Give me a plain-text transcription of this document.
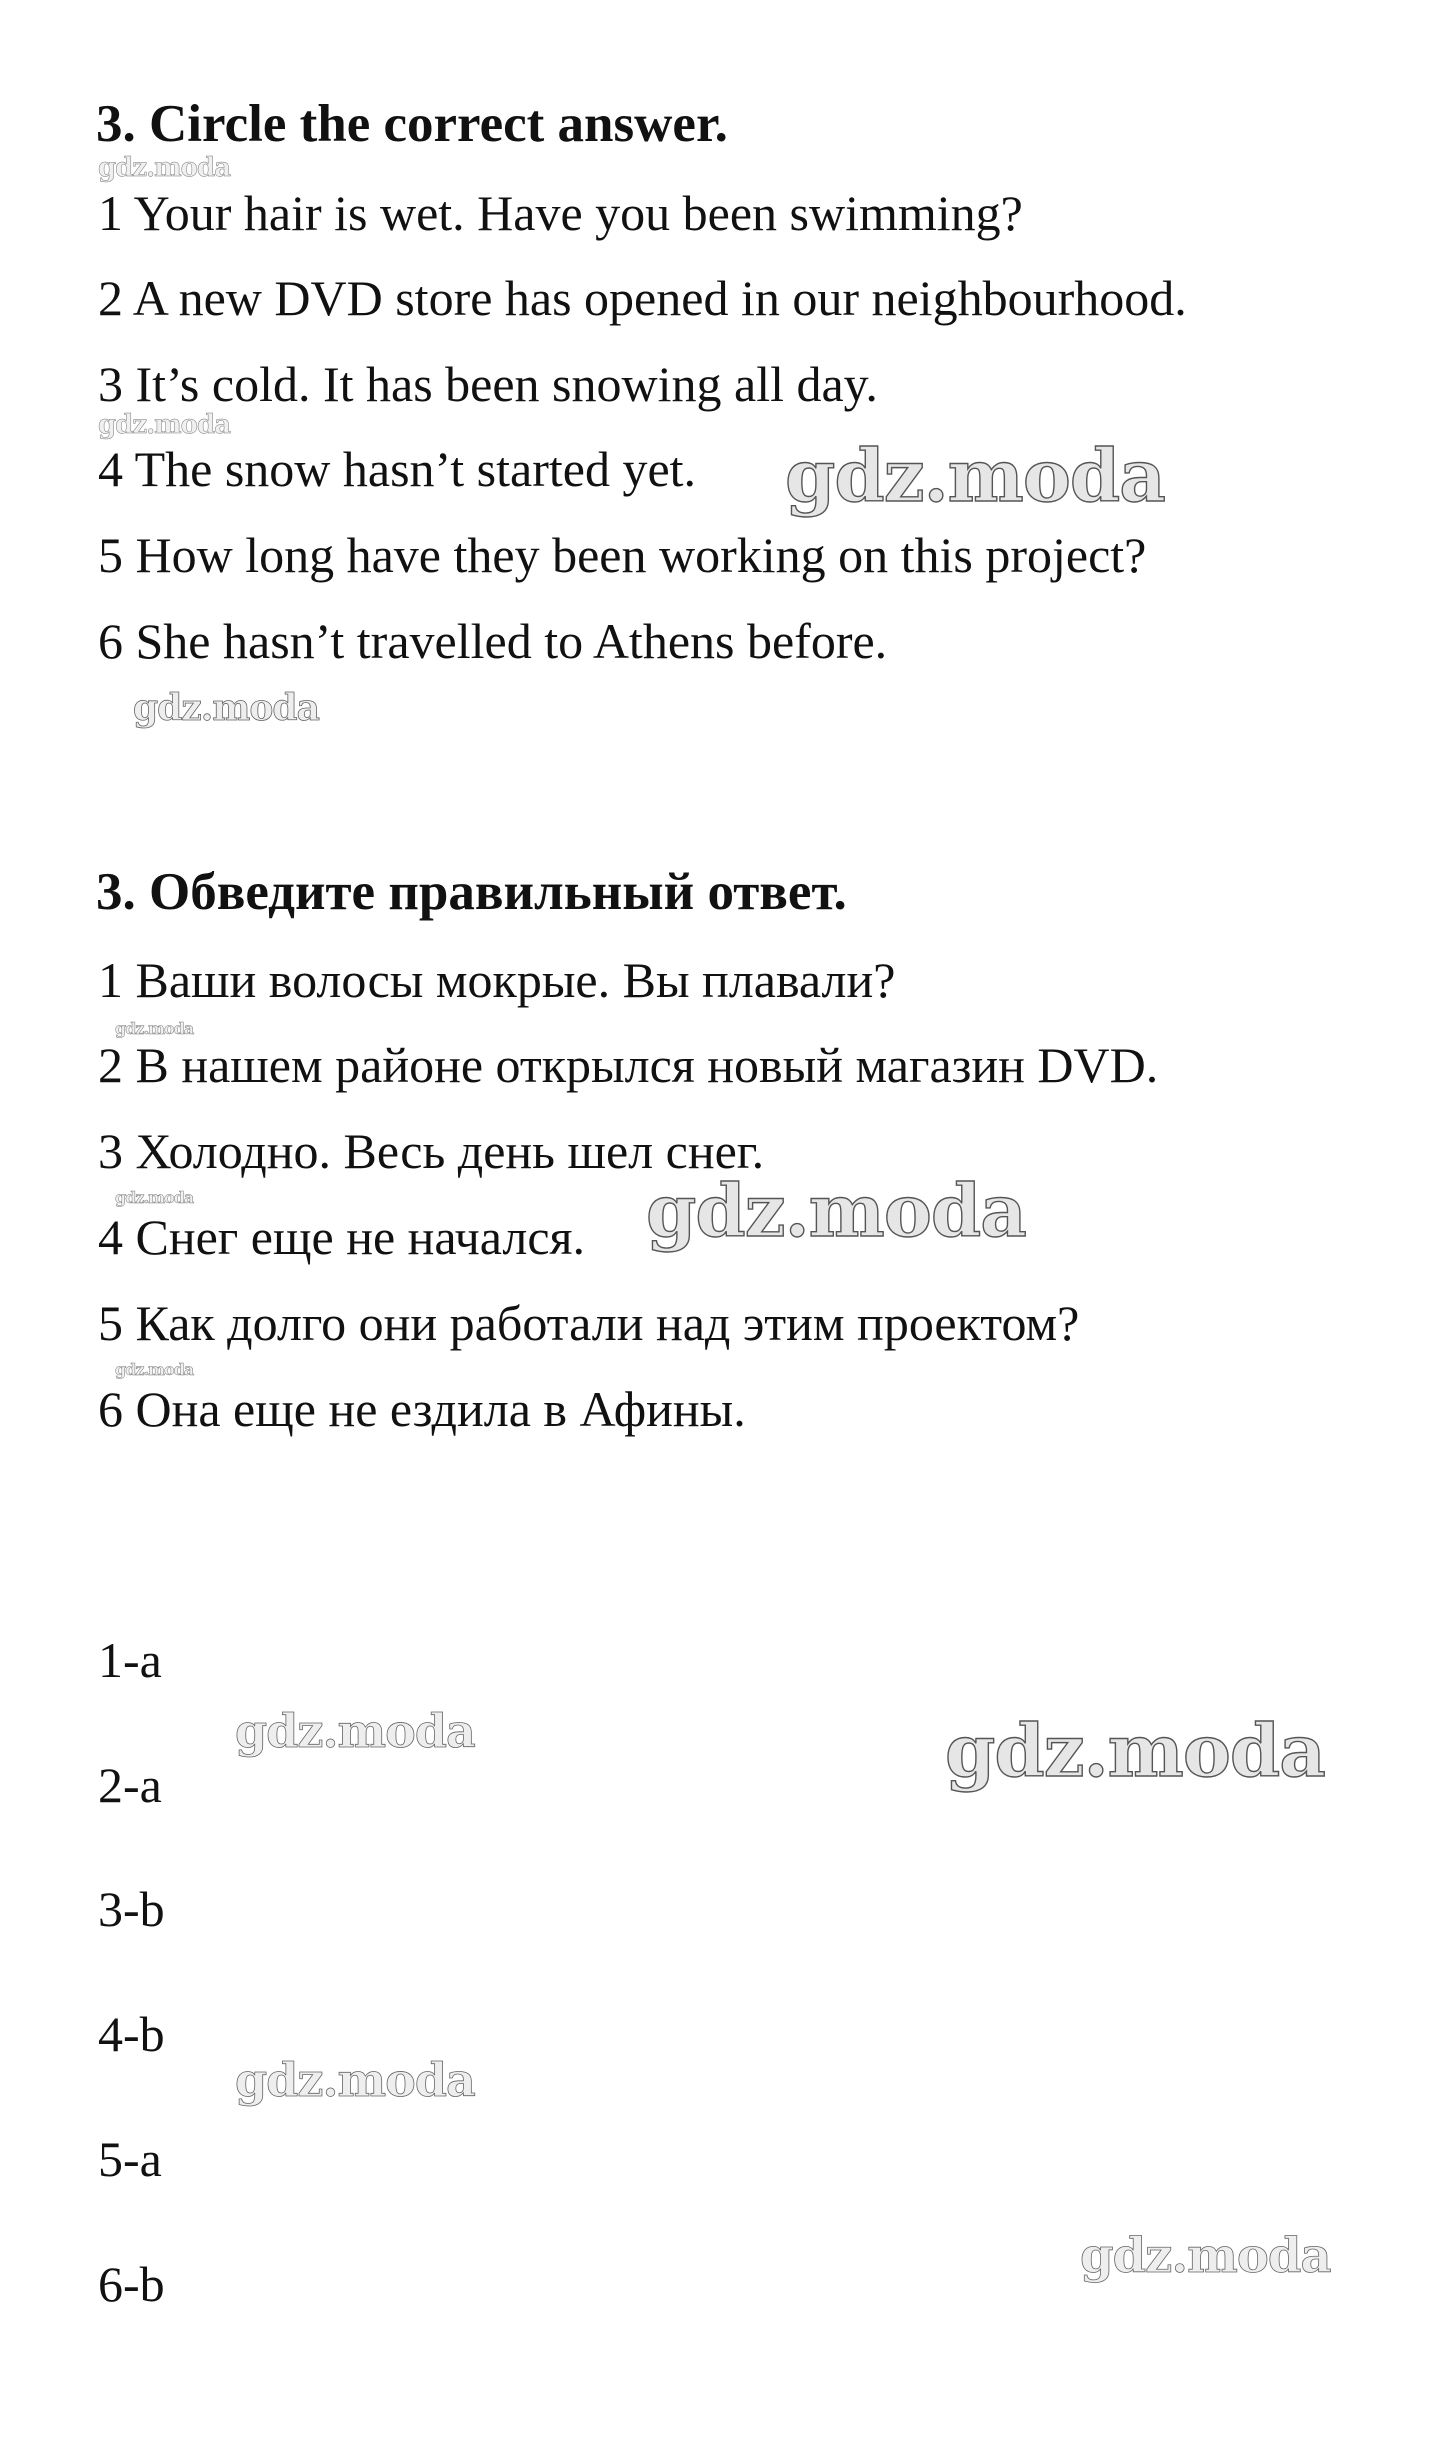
3. Circle the correct answer.
1 Your hair is wet. Have you been swimming?
2 A new DVD store has opened in our neighbourhood.
3 It’s cold. It has been snowing all day.
4 The snow hasn’t started yet.
5 How long have they been working on this project?
6 She hasn’t travelled to Athens before.
3. Обведите правильный ответ.
1 Ваши волосы мокрые. Вы плавали?
2 В нашем районе открылся новый магазин DVD.
3 Холодно. Весь день шел снег.
4 Снег еще не начался.
5 Как долго они работали над этим проектом?
6 Она еще не ездила в Афины.
1-a
2-a
3-b
4-b
5-a
6-b
gdz.moda
gdz.moda
gdz.moda
gdz.moda
gdz.moda
gdz.moda	gdz.moda
gdz.moda
gdz.moda	gdz.moda
gdz.moda
gdz.moda
